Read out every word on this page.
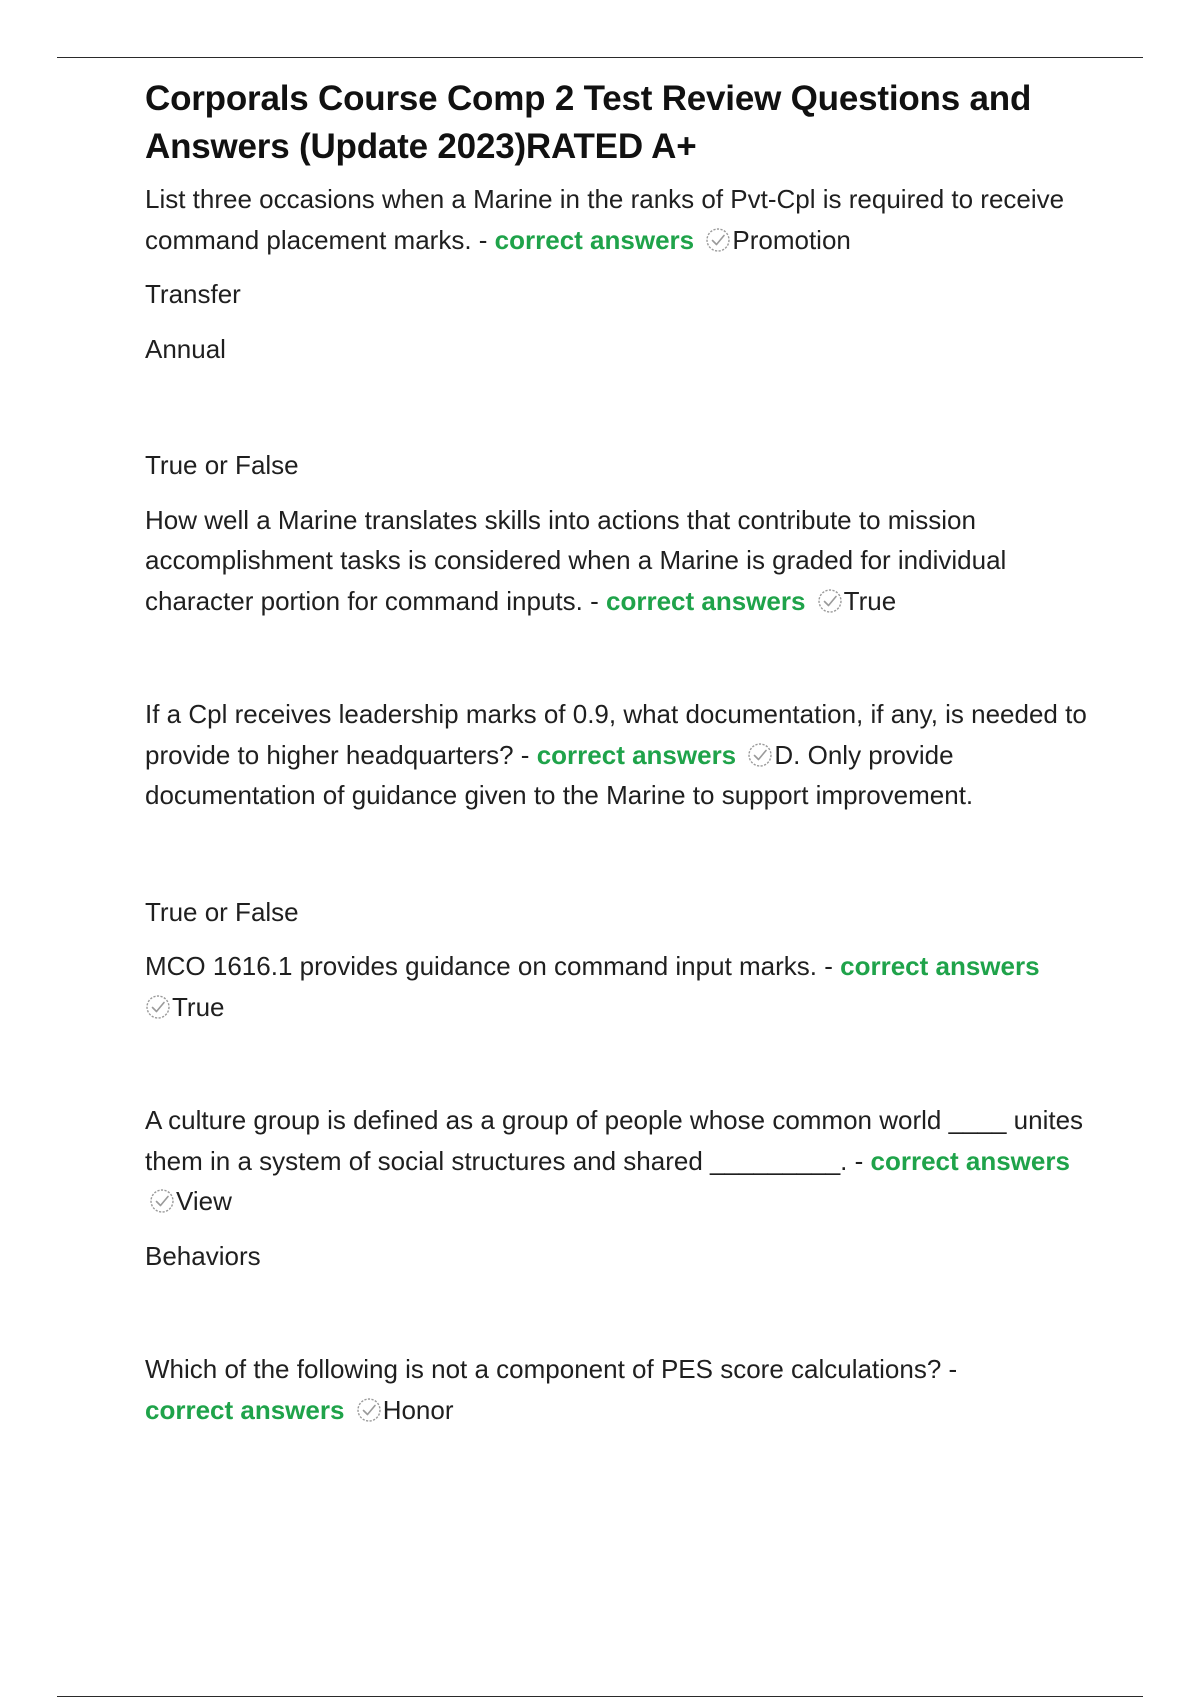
Corporals Course Comp 2 Test Review Questions and Answers (Update 2023)RATED A+

List three occasions when a Marine in the ranks of Pvt-Cpl is required to receive command placement marks. - correct answers Promotion

Transfer

Annual

True or False

How well a Marine translates skills into actions that contribute to mission accomplishment tasks is considered when a Marine is graded for individual character portion for command inputs. - correct answers True

If a Cpl receives leadership marks of 0.9, what documentation, if any, is needed to provide to higher headquarters? - correct answers D. Only provide documentation of guidance given to the Marine to support improvement.

True or False

MCO 1616.1 provides guidance on command input marks. - correct answers

True

A culture group is defined as a group of people whose common world ____ unites them in a system of social structures and shared _________. - correct answers
View

Behaviors

Which of the following is not a component of PES score calculations? -
correct answers Honor
